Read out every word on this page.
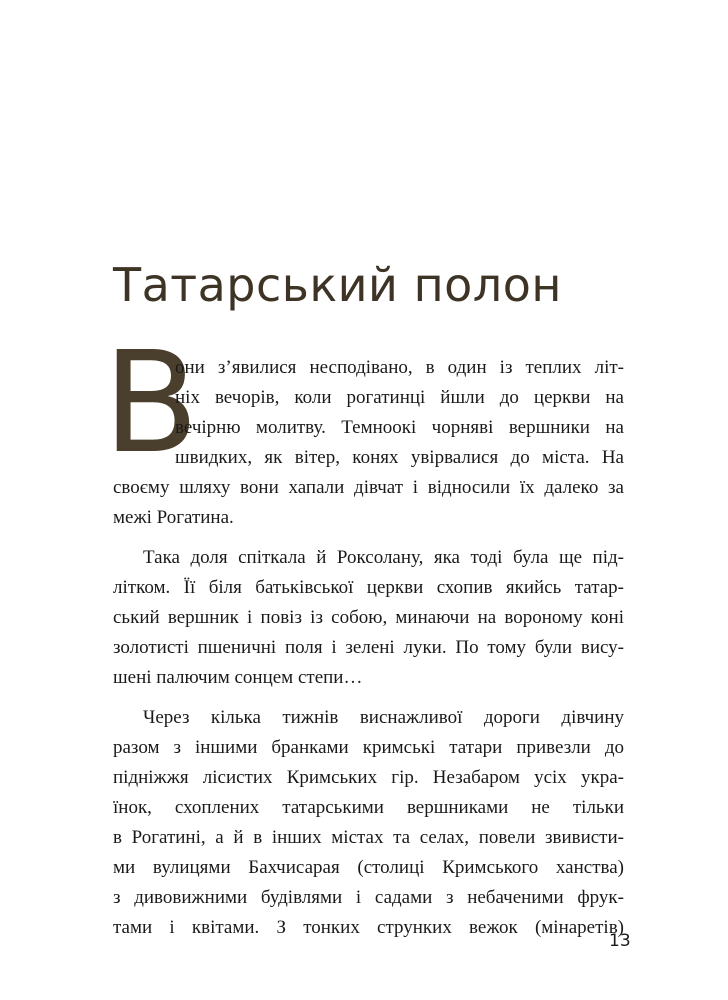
Татарський полон
В
они з’явилися несподівано, в один із теплих літ-
ніх вечорів, коли рогатинці йшли до церкви на
вечірню молитву. Темноокі чорняві вершники на
швидких, як вітер, конях увірвалися до міста. На
своєму шляху вони хапали дівчат і відносили їх далеко за
межі Рогатина.
Така доля спіткала й Роксолану, яка тоді була ще під-
літком. Її біля батьківської церкви схопив якийсь татар-
ський вершник і повіз із собою, минаючи на вороному коні
золотисті пшеничні поля і зелені луки. По тому були вису-
шені палючим сонцем степи…
Через кілька тижнів виснажливої дороги дівчину
разом з іншими бранками кримські татари привезли до
підніжжя лісистих Кримських гір. Незабаром усіх укра-
їнок, схоплених татарськими вершниками не тільки
в Рогатині, а й в інших містах та селах, повели звивисти-
ми вулицями Бахчисарая (столиці Кримського ханства)
з дивовижними будівлями і садами з небаченими фрук-
тами і квітами. З тонких струнких вежок (мінаретів)
13
